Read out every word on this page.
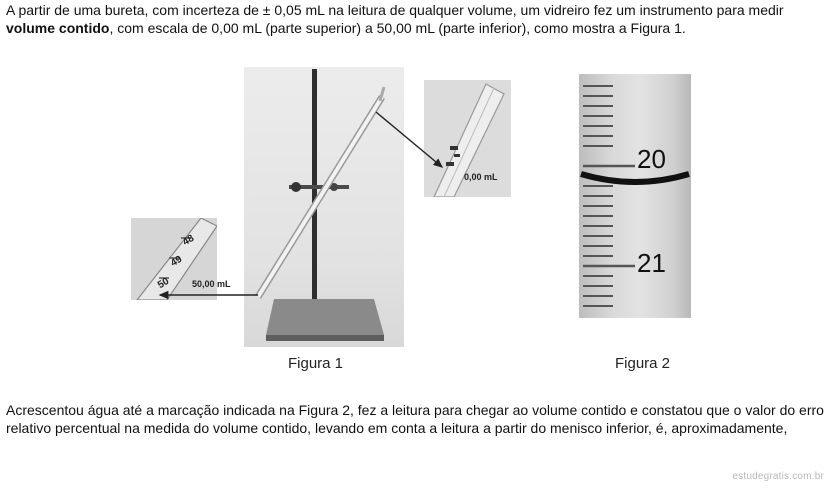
A partir de uma bureta, com incerteza de ± 0,05 mL na leitura de qualquer volume, um vidreiro fez um instrumento para medir volume contido, com escala de 0,00 mL (parte superior) a 50,00 mL (parte inferior), como mostra a Figura 1.
0,00 mL
48
49
50 50,00 mL
Figura 1
20
21
Figura 2
Acrescentou água até a marcação indicada na Figura 2, fez a leitura para chegar ao volume contido e constatou que o valor do erro relativo percentual na medida do volume contido, levando em conta a leitura a partir do menisco inferior, é, aproximadamente,
estudegratis.com.br
